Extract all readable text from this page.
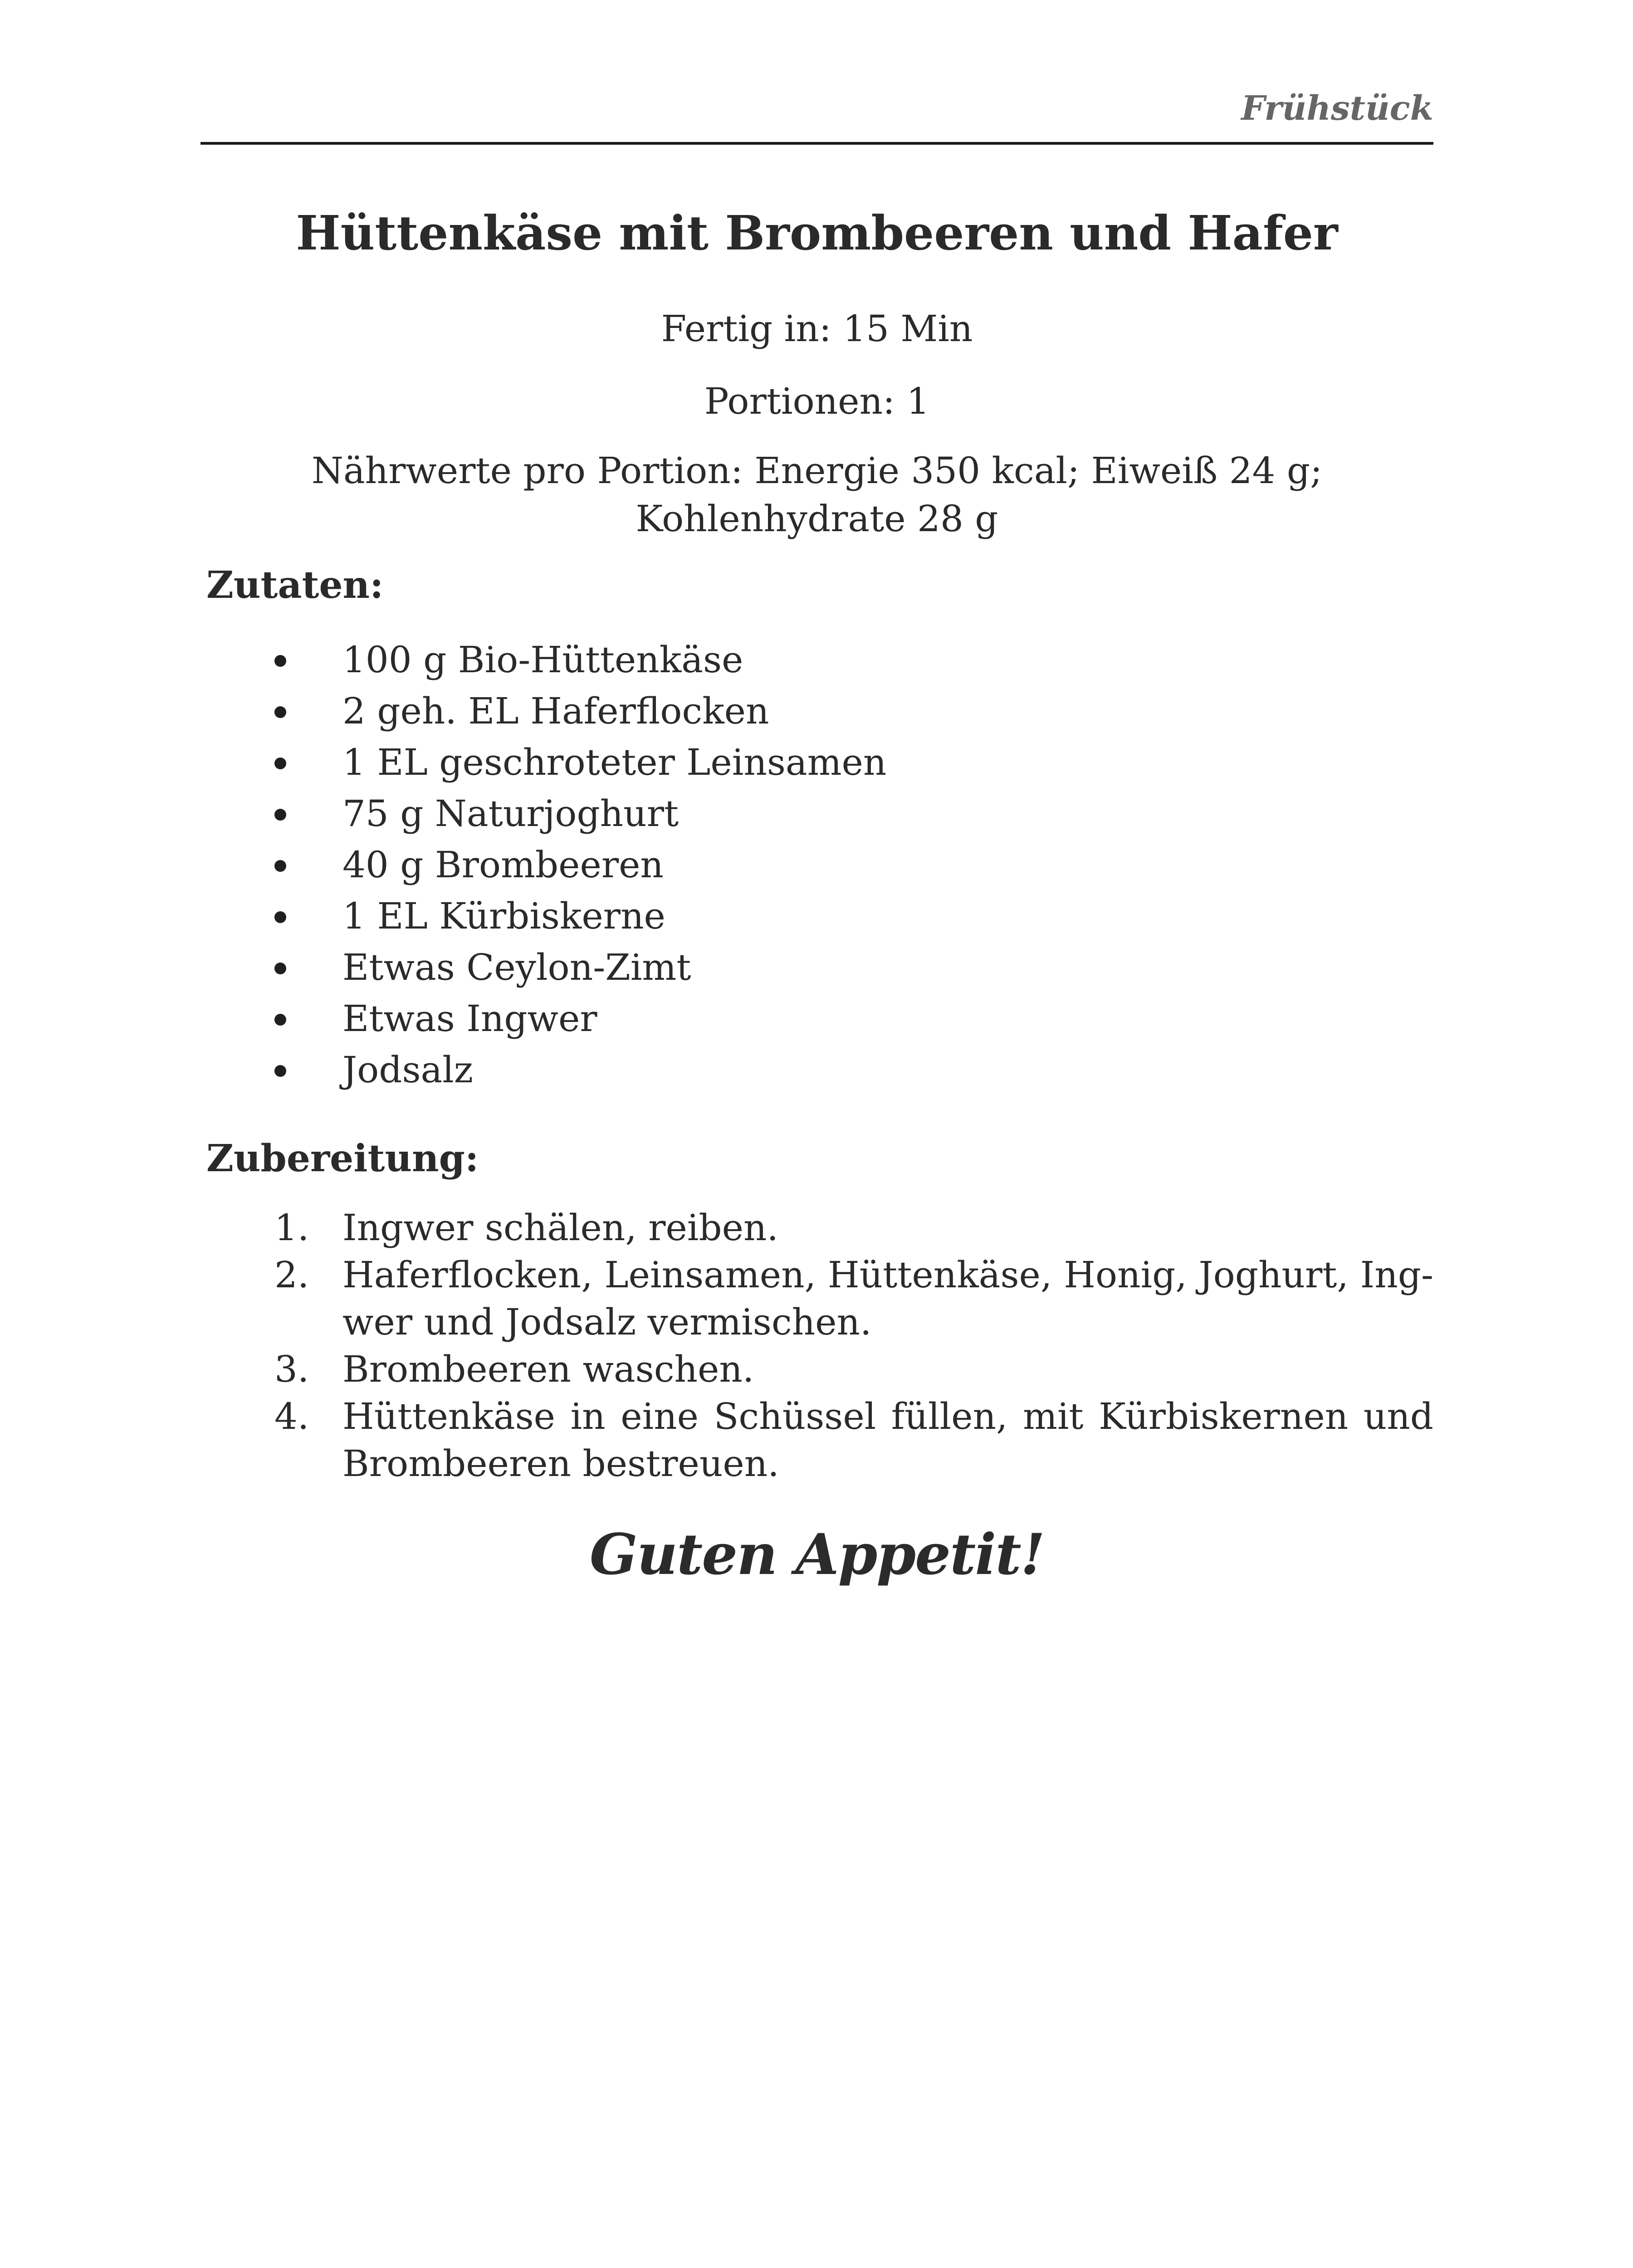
Frühstück
Hüttenkäse mit Brombeeren und Hafer
Fertig in: 15 Min
Portionen: 1
Nährwerte pro Portion: Energie 350 kcal; Eiweiß 24 g;
Kohlenhydrate 28 g
Zutaten:
100 g Bio-Hüttenkäse
2 geh. EL Haferflocken
1 EL geschroteter Leinsamen
75 g Naturjoghurt
40 g Brombeeren
1 EL Kürbiskerne
Etwas Ceylon-Zimt
Etwas Ingwer
Jodsalz
Zubereitung:
1. Ingwer schälen, reiben.
2. Haferflocken, Leinsamen, Hüttenkäse, Honig, Joghurt, Ingwer und Jodsalz vermischen.
3. Brombeeren waschen.
4. Hüttenkäse in eine Schüssel füllen, mit Kürbiskernen und Brombeeren bestreuen.
Guten Appetit!
